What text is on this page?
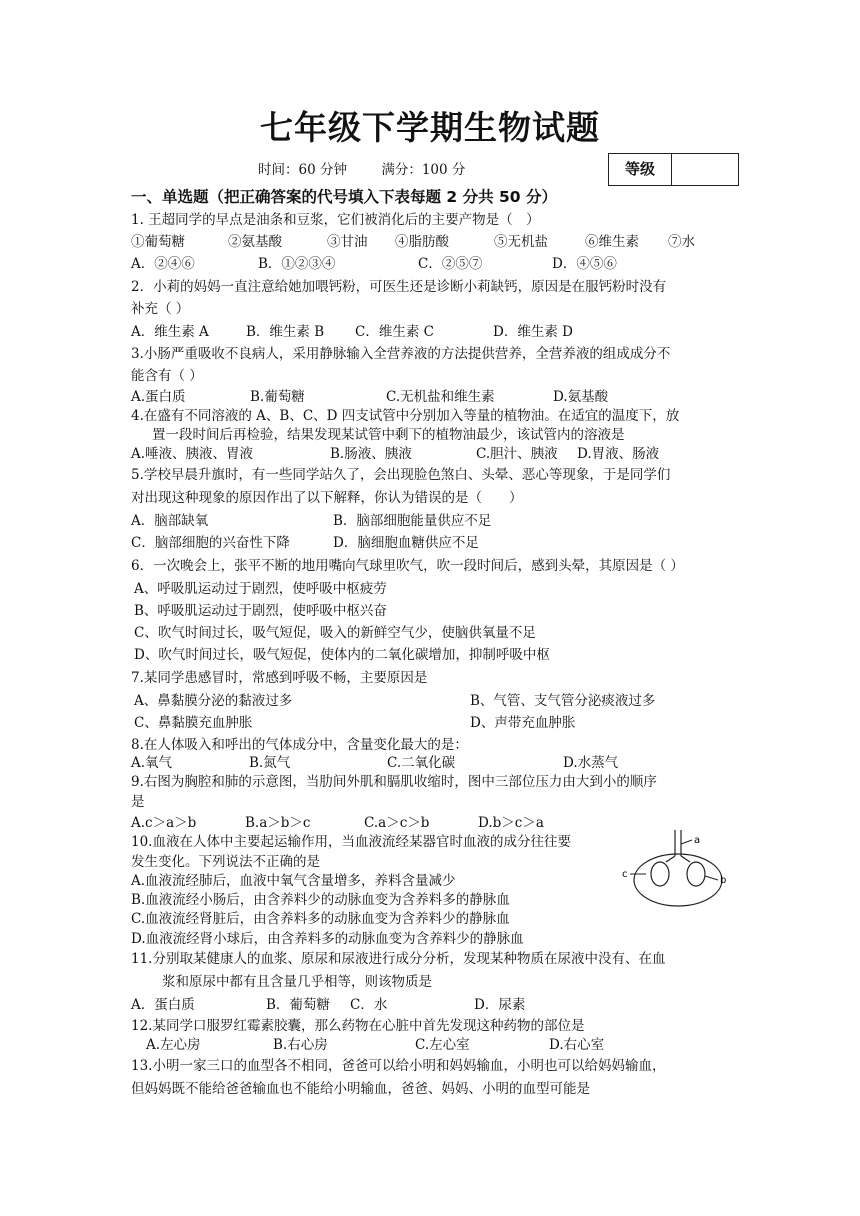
七年级下学期生物试题
时间：60 分钟	满分：100 分	等级
一、单选题（把正确答案的代号填入下表每题 2 分共 50 分）
1. 王超同学的早点是油条和豆浆，它们被消化后的主要产物是（　）
①葡萄糖	②氨基酸	③甘油 ④脂肪酸	⑤无机盐	⑥维生素 ⑦水
A．②④⑥	B．①②③④	C．②⑤⑦	D．④⑤⑥
2．小莉的妈妈一直注意给她加喂钙粉，可医生还是诊断小莉缺钙，原因是在服钙粉时没有
补充（ ）
A．维生素 A	B．维生素 B C．维生素 C	D．维生素 D
3.小肠严重吸收不良病人，采用静脉输入全营养液的方法提供营养，全营养液的组成成分不
能含有（ ）
A.蛋白质	B.葡萄糖	C.无机盐和维生素	D.氨基酸
4.在盛有不同溶液的 A、B、C、D 四支试管中分别加入等量的植物油。在适宜的温度下，放
置一段时间后再检验，结果发现某试管中剩下的植物油最少，该试管内的溶液是
A.唾液、胰液、胃液	B.肠液、胰液	C.胆汁、胰液 D.胃液、肠液
5.学校早晨升旗时，有一些同学站久了，会出现脸色煞白、头晕、恶心等现象，于是同学们
对出现这种现象的原因作出了以下解释，你认为错误的是（　　）
A．脑部缺氧	B．脑部细胞能量供应不足
C．脑部细胞的兴奋性下降	D．脑细胞血糖供应不足
6．一次晚会上，张平不断的地用嘴向气球里吹气，吹一段时间后，感到头晕，其原因是（ ）
A、呼吸肌运动过于剧烈，使呼吸中枢疲劳
B、呼吸肌运动过于剧烈，使呼吸中枢兴奋
C、吹气时间过长，吸气短促，吸入的新鲜空气少，使脑供氧量不足
D、吹气时间过长，吸气短促，使体内的二氧化碳增加，抑制呼吸中枢
7.某同学患感冒时，常感到呼吸不畅，主要原因是
A、鼻黏膜分泌的黏液过多	B、气管、支气管分泌痰液过多
C、鼻黏膜充血肿胀	D、声带充血肿胀
8.在人体吸入和呼出的气体成分中，含量变化最大的是：
A.氧气	B.氮气	C.二氧化碳	D.水蒸气
9.右图为胸腔和肺的示意图，当肋间外肌和膈肌收缩时，图中三部位压力由大到小的顺序
是
A.c＞a＞b	B.a＞b＞c	C.a＞c＞b	D.b＞c＞a
a
b
c
10.血液在人体中主要起运输作用，当血液流经某器官时血液的成分往往要
发生变化。下列说法不正确的是
A.血液流经肺后，血液中氧气含量增多，养料含量减少
B.血液流经小肠后，由含养料少的动脉血变为含养料多的静脉血
C.血液流经肾脏后，由含养料多的动脉血变为含养料少的静脉血
D.血液流经肾小球后，由含养料多的动脉血变为含养料少的静脉血
11.分别取某健康人的血浆、原尿和尿液进行成分分析，发现某种物质在尿液中没有、在血
浆和原尿中都有且含量几乎相等，则该物质是
A．蛋白质	B．葡萄糖 C．水	D．尿素
12.某同学口服罗红霉素胶囊，那么药物在心脏中首先发现这种药物的部位是
A.左心房	B.右心房	C.左心室	D.右心室
13.小明一家三口的血型各不相同，爸爸可以给小明和妈妈输血，小明也可以给妈妈输血，
但妈妈既不能给爸爸输血也不能给小明输血，爸爸、妈妈、小明的血型可能是
